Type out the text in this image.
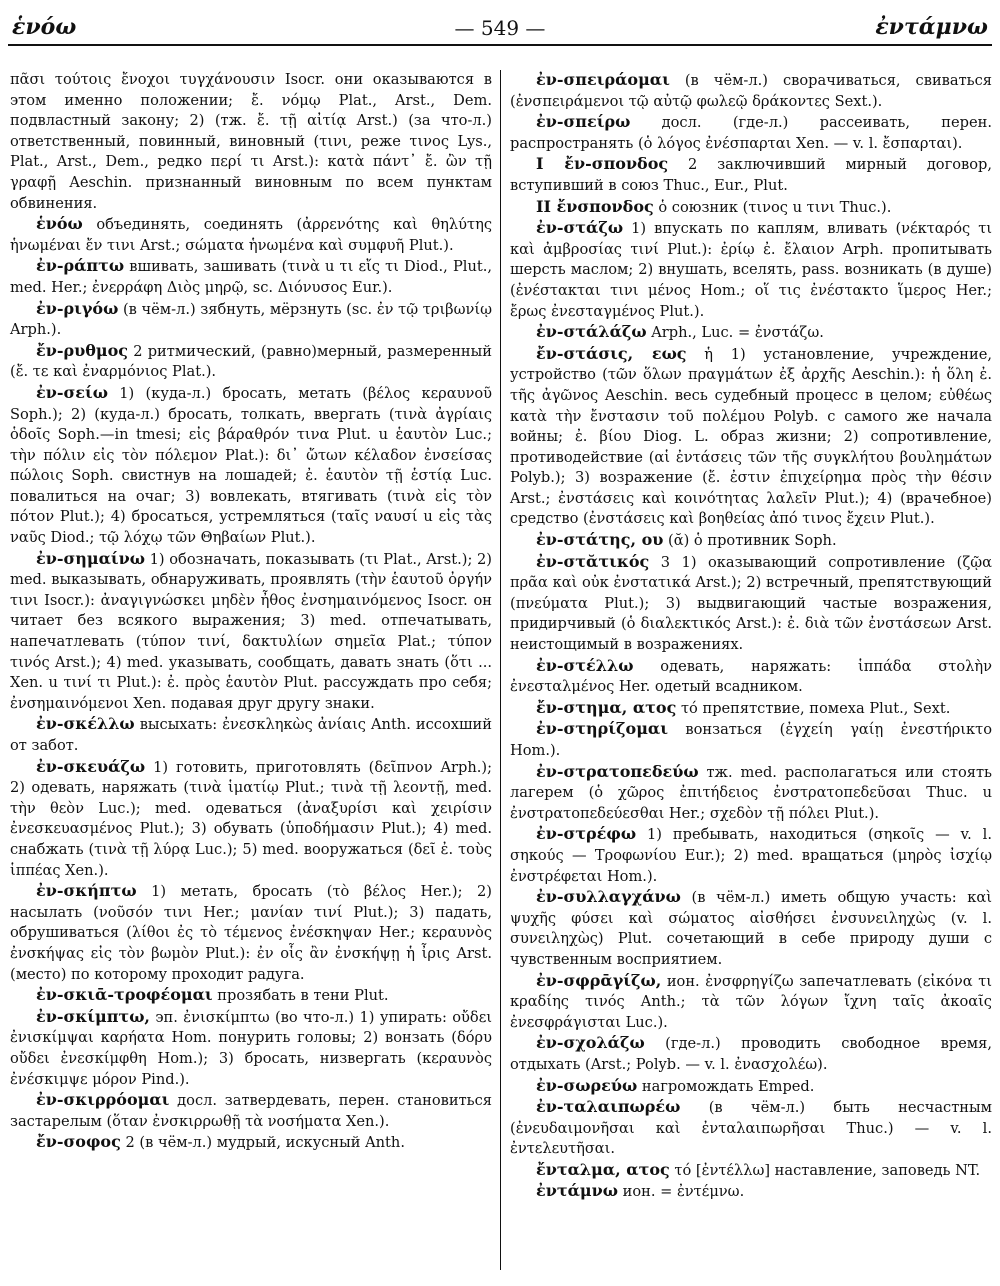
ἑνόω	— 549 —	ἐντάμνω

πᾶσι τούτοις ἔνοχοι τυγχάνουσιν Isocr. они оказываются в этом именно положении; ἔ. νόμῳ Plat., Arst., Dem. подвластный закону; 2) (тж. ἔ. τῇ αἰτίᾳ Arst.) (за что-л.) ответственный, повинный, виновный (τινι, реже τινος Lys., Plat., Arst., Dem., редко περί τι Arst.): κατὰ πάντ᾽ ἔ. ὢν τῇ γραφῇ Aeschin. признанный виновным по всем пунктам обвинения.

ἑνόω объединять, соединять (ἀρρενότης καὶ θηλύτης ἡνωμέναι ἔν τινι Arst.; σώματα ἡνωμένα καὶ συμφυῆ Plut.).

ἐν-ράπτω вшивать, зашивать (τινὰ u τι εἴς τι Diod., Plut., med. Her.; ἐνερράφη Διὸς μηρῷ, sc. Διόνυσος Eur.).

ἐν-ριγόω (в чём-л.) зябнуть, мёрзнуть (sc. ἐν τῷ τριβωνίῳ Arph.).

ἔν-ρυθμος 2 ритмический, (равно)мерный, размеренный (ἔ. τε καὶ ἐναρμόνιος Plat.).

ἐν-σείω 1) (куда-л.) бросать, метать (βέλος κεραυνοῦ Soph.); 2) (куда-л.) бросать, толкать, ввергать (τινὰ ἀγρίαις ὁδοῖς Soph.—in tmesi; εἰς βάραθρόν τινα Plut. u ἑαυτὸν Luc.; τὴν πόλιν εἰς τὸν πόλεμον Plat.): δι᾽ ὤτων κέλαδον ἐνσείσας πώλοις Soph. свистнув на лошадей; ἐ. ἑαυτὸν τῇ ἑστίᾳ Luc. повалиться на очаг; 3) вовлекать, втягивать (τινὰ εἰς τὸν πότον Plut.); 4) бросаться, устремляться (ταῖς ναυσί u εἰς τὰς ναῦς Diod.; τῷ λόχῳ τῶν Θηβαίων Plut.).

ἐν-σημαίνω 1) обозначать, показывать (τι Plat., Arst.); 2) med. выказывать, обнаруживать, проявлять (τὴν ἑαυτοῦ ὀργήν τινι Isocr.): ἀναγιγνώσκει μηδὲν ἦθος ἐνσημαινόμενος Isocr. он читает без всякого выражения; 3) med. отпечатывать, напечатлевать (τύπον τινί, δακτυλίων σημεῖα Plat.; τύπον τινός Arst.); 4) med. указывать, сообщать, давать знать (ὅτι ... Xen. u τινί τι Plut.): ἐ. πρὸς ἑαυτὸν Plut. рассуждать про себя; ἐνσημαινόμενοι Xen. подавая друг другу знаки.

ἐν-σκέλλω высыхать: ἐνεσκληκὼς ἀνίαις Anth. иссохший от забот.

ἐν-σκευάζω 1) готовить, приготовлять (δεῖπνον Arph.); 2) одевать, наряжать (τινὰ ἱματίῳ Plut.; τινὰ τῇ λεοντῇ, med. τὴν θεὸν Luc.); med. одеваться (ἀναξυρίσι καὶ χειρίσιν ἐνεσκευασμένος Plut.); 3) обувать (ὑποδήμασιν Plut.); 4) med. снабжать (τινὰ τῇ λύρᾳ Luc.); 5) med. вооружаться (δεῖ ἐ. τοὺς ἱππέας Xen.).

ἐν-σκήπτω 1) метать, бросать (τὸ βέλος Her.); 2) насылать (νοῦσόν τινι Her.; μανίαν τινί Plut.); 3) падать, обрушиваться (λίθοι ἐς τὸ τέμενος ἐνέσκηψαν Her.; κεραυνὸς ἐνσκήψας εἰς τὸν βωμὸν Plut.): ἐν οἷς ἂν ἐνσκήψῃ ἡ ἶρις Arst. (место) по которому проходит радуга.

ἐν-σκιᾱ-τροφέομαι прозябать в тени Plut.

ἐν-σκίμπτω, эп. ἐνισκίμπτω (во что-л.) 1) упирать: οὔδει ἐνισκίμψαι καρήατα Hom. понурить головы; 2) вонзать (δόρυ οὔδει ἐνεσκίμφθη Hom.); 3) бросать, низвергать (κεραυνὸς ἐνέσκιμψε μόρον Pind.).

ἐν-σκιρρόομαι досл. затвердевать, перен. становиться застарелым (ὅταν ἐνσκιρρωθῇ τὰ νοσήματα Xen.).

ἔν-σοφος 2 (в чём-л.) мудрый, искусный Anth.

ἐν-σπειράομαι (в чём-л.) сворачиваться, свиваться (ἐνσπειράμενοι τῷ αὐτῷ φωλεῷ δράκοντες Sext.).

ἐν-σπείρω досл. (где-л.) рассеивать, перен. распространять (ὁ λόγος ἐνέσπαρται Xen. — v. l. ἔσπαρται).

I ἔν-σπονδος 2 заключивший мирный договор, вступивший в союз Thuc., Eur., Plut.

II ἔνσπονδος ὁ союзник (τινος u τινι Thuc.).

ἐν-στάζω 1) впускать по каплям, вливать (νέκταρός τι καὶ ἀμβροσίας τινί Plut.): ἐρίῳ ἐ. ἔλαιον Arph. пропитывать шерсть маслом; 2) внушать, вселять, pass. возникать (в душе) (ἐνέστακται τινι μένος Hom.; οἵ τις ἐνέστακτο ἵμερος Her.; ἔρως ἐνεσταγμένος Plut.).

ἐν-στάλάζω Arph., Luc. = ἐνστάζω.

ἔν-στάσις, εως ἡ 1) установление, учреждение, устройство (τῶν ὅλων πραγμάτων ἐξ ἀρχῆς Aeschin.): ἡ ὅλη ἐ. τῆς ἀγῶνος Aeschin. весь судебный процесс в целом; εὐθέως κατὰ τὴν ἔνστασιν τοῦ πολέμου Polyb. с самого же начала войны; ἐ. βίου Diog. L. образ жизни; 2) сопротивление, противодействие (αἱ ἐντάσεις τῶν τῆς συγκλήτου βουλημάτων Polyb.); 3) возражение (ἔ. ἐστιν ἐπιχείρημα πρὸς τὴν θέσιν Arst.; ἐνστάσεις καὶ κοινότητας λαλεῖν Plut.); 4) (врачебное) средство (ἐνστάσεις καὶ βοηθείας ἀπό τινος ἔχειν Plut.).

ἐν-στάτης, ου (ᾰ) ὁ противник Soph.

ἐν-στᾰτικός 3 1) оказывающий сопротивление (ζῷα πρᾶα καὶ οὐκ ἐνστατικά Arst.); 2) встречный, препятствующий (πνεύματα Plut.); 3) выдвигающий частые возражения, придирчивый (ὁ διαλεκτικός Arst.): ἐ. διὰ τῶν ἐνστάσεων Arst. неистощимый в возражениях.

ἐν-στέλλω одевать, наряжать: ἱππάδα στολὴν ἐνεσταλμένος Her. одетый всадником.

ἔν-στημα, ατος τό препятствие, помеха Plut., Sext.

ἐν-στηρίζομαι вонзаться (ἐγχείη γαίῃ ἐνεστήρικτο Hom.).

ἐν-στρατοπεδεύω тж. med. располагаться или стоять лагерем (ὁ χῶρος ἐπιτήδειος ἐνστρατοπεδεῦσαι Thuc. u ἐνστρατοπεδεύεσθαι Her.; σχεδὸν τῇ πόλει Plut.).

ἐν-στρέφω 1) пребывать, находиться (σηκοῖς — v. l. σηκούς — Τροφωνίου Eur.); 2) med. вращаться (μηρὸς ἰσχίῳ ἐνστρέφεται Hom.).

ἐν-συλλαγχάνω (в чём-л.) иметь общую участь: καὶ ψυχῆς φύσει καὶ σώματος αἰσθήσει ἐνσυνειληχὼς (v. l. συνειληχὼς) Plut. сочетающий в себе природу души с чувственным восприятием.

ἐν-σφρᾱγίζω, ион. ἐνσφρηγίζω запечатлевать (εἰκόνα τι κραδίης τινός Anth.; τὰ τῶν λόγων ἴχνη ταῖς ἀκοαῖς ἐνεσφράγισται Luc.).

ἐν-σχολάζω (где-л.) проводить свободное время, отдыхать (Arst.; Polyb. — v. l. ἐνασχολέω).

ἐν-σωρεύω нагромождать Emped.

ἐν-ταλαιπωρέω (в чём-л.) быть несчастным (ἐνευδαιμονῆσαι καὶ ἐνταλαιπωρῆσαι Thuc.) — v. l. ἐντελευτῆσαι.

ἔνταλμα, ατος τό [ἐντέλλω] наставление, заповедь NT.

ἐντάμνω ион. = ἐντέμνω.
